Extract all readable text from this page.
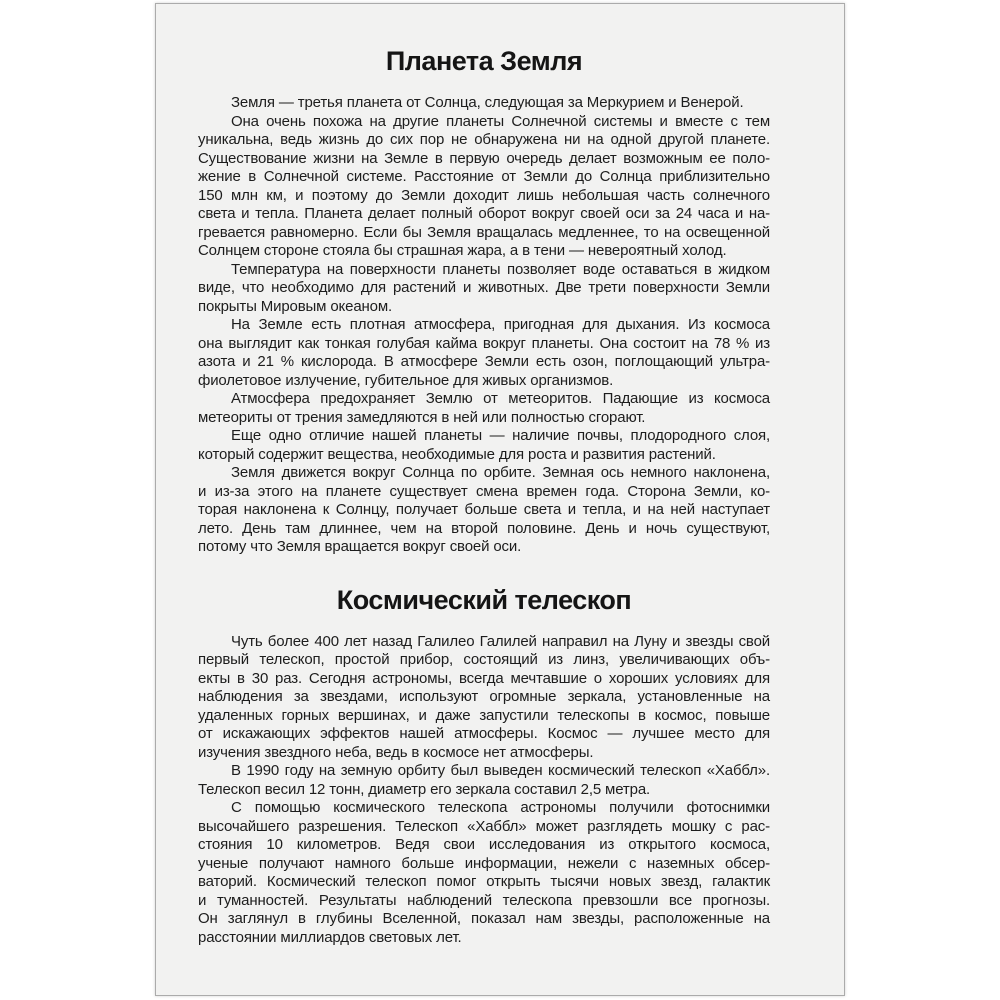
Планета Земля
Земля — третья планета от Солнца, следующая за Меркурием и Венерой.
Она очень похожа на другие планеты Солнечной системы и вместе с тем
уникальна, ведь жизнь до сих пор не обнаружена ни на одной другой планете.
Существование жизни на Земле в первую очередь делает возможным ее поло-
жение в Солнечной системе. Расстояние от Земли до Солнца приблизительно
150 млн км, и поэтому до Земли доходит лишь небольшая часть солнечного
света и тепла. Планета делает полный оборот вокруг своей оси за 24 часа и на-
гревается равномерно. Если бы Земля вращалась медленнее, то на освещенной
Солнцем стороне стояла бы страшная жара, а в тени — невероятный холод.
Температура на поверхности планеты позволяет воде оставаться в жидком
виде, что необходимо для растений и животных. Две трети поверхности Земли
покрыты Мировым океаном.
На Земле есть плотная атмосфера, пригодная для дыхания. Из космоса
она выглядит как тонкая голубая кайма вокруг планеты. Она состоит на 78 % из
азота и 21 % кислорода. В атмосфере Земли есть озон, поглощающий ультра-
фиолетовое излучение, губительное для живых организмов.
Атмосфера предохраняет Землю от метеоритов. Падающие из космоса
метеориты от трения замедляются в ней или полностью сгорают.
Еще одно отличие нашей планеты — наличие почвы, плодородного слоя,
который содержит вещества, необходимые для роста и развития растений.
Земля движется вокруг Солнца по орбите. Земная ось немного наклонена,
и из-за этого на планете существует смена времен года. Сторона Земли, ко-
торая наклонена к Солнцу, получает больше света и тепла, и на ней наступает
лето. День там длиннее, чем на второй половине. День и ночь существуют,
потому что Земля вращается вокруг своей оси.
Космический телескоп
Чуть более 400 лет назад Галилео Галилей направил на Луну и звезды свой
первый телескоп, простой прибор, состоящий из линз, увеличивающих объ-
екты в 30 раз. Сегодня астрономы, всегда мечтавшие о хороших условиях для
наблюдения за звездами, используют огромные зеркала, установленные на
удаленных горных вершинах, и даже запустили телескопы в космос, повыше
от искажающих эффектов нашей атмосферы. Космос — лучшее место для
изучения звездного неба, ведь в космосе нет атмосферы.
В 1990 году на земную орбиту был выведен космический телескоп «Хаббл».
Телескоп весил 12 тонн, диаметр его зеркала составил 2,5 метра.
С помощью космического телескопа астрономы получили фотоснимки
высочайшего разрешения. Телескоп «Хаббл» может разглядеть мошку с рас-
стояния 10 километров. Ведя свои исследования из открытого космоса,
ученые получают намного больше информации, нежели с наземных обсер-
ваторий. Космический телескоп помог открыть тысячи новых звезд, галактик
и туманностей. Результаты наблюдений телескопа превзошли все прогнозы.
Он заглянул в глубины Вселенной, показал нам звезды, расположенные на
расстоянии миллиардов световых лет.
